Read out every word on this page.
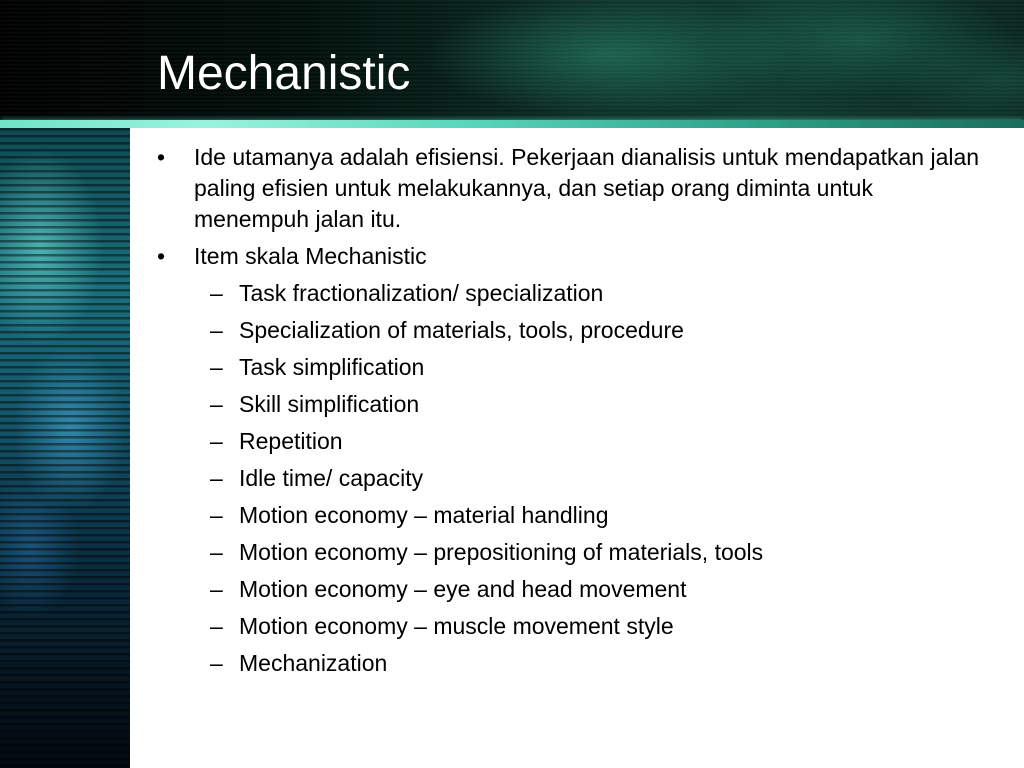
Mechanistic
• Ide utamanya adalah efisiensi. Pekerjaan dianalisis untuk mendapatkan jalan paling efisien untuk melakukannya, dan setiap orang diminta untuk menempuh jalan itu.
• Item skala Mechanistic
– Task fractionalization/ specialization
– Specialization of materials, tools, procedure
– Task simplification
– Skill simplification
– Repetition
– Idle time/ capacity
– Motion economy – material handling
– Motion economy – prepositioning of materials, tools
– Motion economy – eye and head movement
– Motion economy – muscle movement style
– Mechanization
